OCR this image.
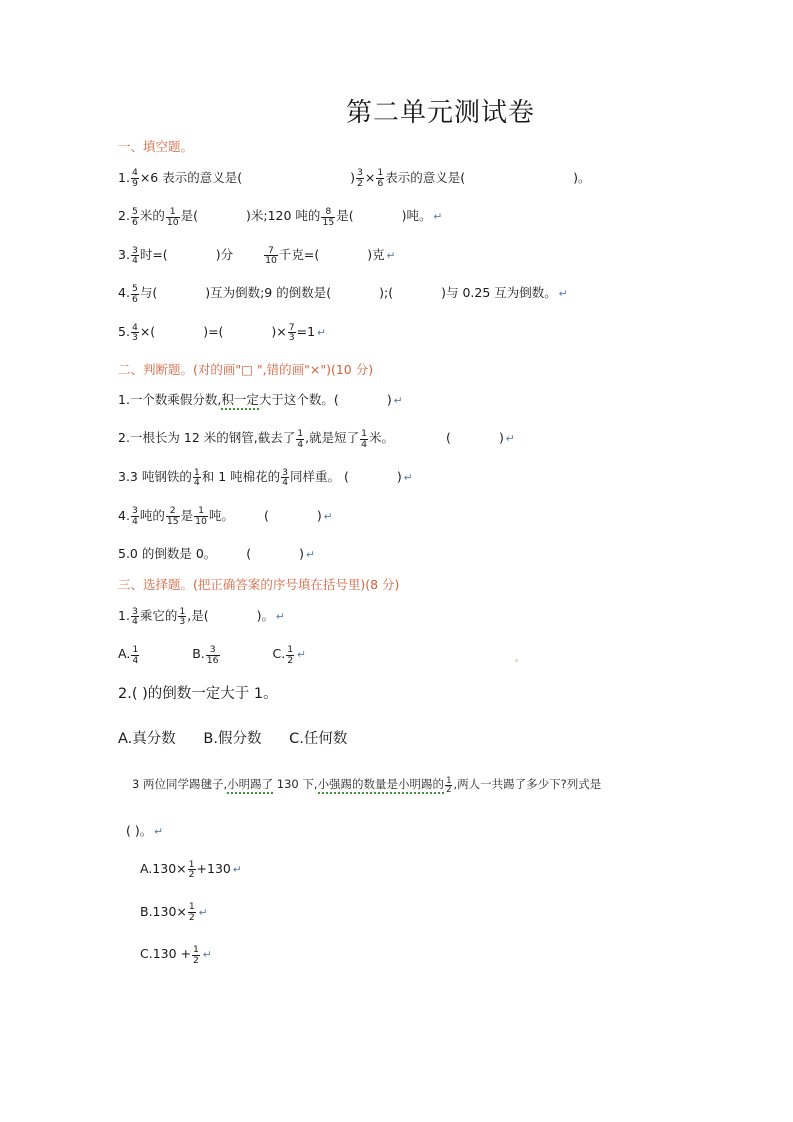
第二单元测试卷
一、填空题。
1. $\frac{4}{9} \times 6$ 表示的意义是(	) $\frac{3}{2} \times \frac{1}{6}$ 表示的意义是(	)。
2. $\frac{5}{6}$ 米的 $\frac{1}{10}$ 是(	)米;120 吨的 $\frac{8}{15}$ 是(	)吨。 ↵
3. $\frac{3}{4}$ 时=(	)分	$\frac{7}{10}$ 千克=(	)克 ↵
4. $\frac{5}{6}$ 与(	)互为倒数;9 的倒数是(	);(	)与 0.25 互为倒数。 ↵
5. $\frac{4}{3}$ ×(	)=(	)× $\frac{7}{3} =1$ ↵
二、判断题。(对的画"□ ",错的画"×")(10 分)
1.一个数乘假分数,积一定大于这个数。(	) ↵
2.一根长为 12 米的钢管,截去了 $\frac{1}{4}$ ,就是短了 $\frac{1}{4}$ 米。	(	) ↵
3.3 吨钢铁的 $\frac{1}{4}$ 和 1 吨棉花的 $\frac{3}{4}$ 同样重。 (	) ↵
4. $\frac{3}{4}$ 吨的 $\frac{2}{15}$ 是 $\frac{1}{10}$ 吨。 (	) ↵
5.0 的倒数是 0。 (	) ↵
三、选择题。(把正确答案的序号填在括号里)(8 分)
1. $\frac{3}{4}$ 乘它的 $\frac{1}{3}$ ,是(	)。 ↵
A. $\frac{1}{4}$	B. $\frac{3}{16}$	C. $\frac{1}{2}$ ↵
2.( )的倒数一定大于 1。
A.真分数      B.假分数      C.任何数
3 两位同学踢毽子,小明踢了 130 下,小强踢的数量是小明踢的 $\frac{1}{2}$ ,两人一共踢了多少下?列式是
( )。 ↵
$A.130\times \frac{1}{2} +130$ ↵
$B.130\times \frac{1}{2}$ ↵
$C.130 + \frac{1}{2}$ ↵
